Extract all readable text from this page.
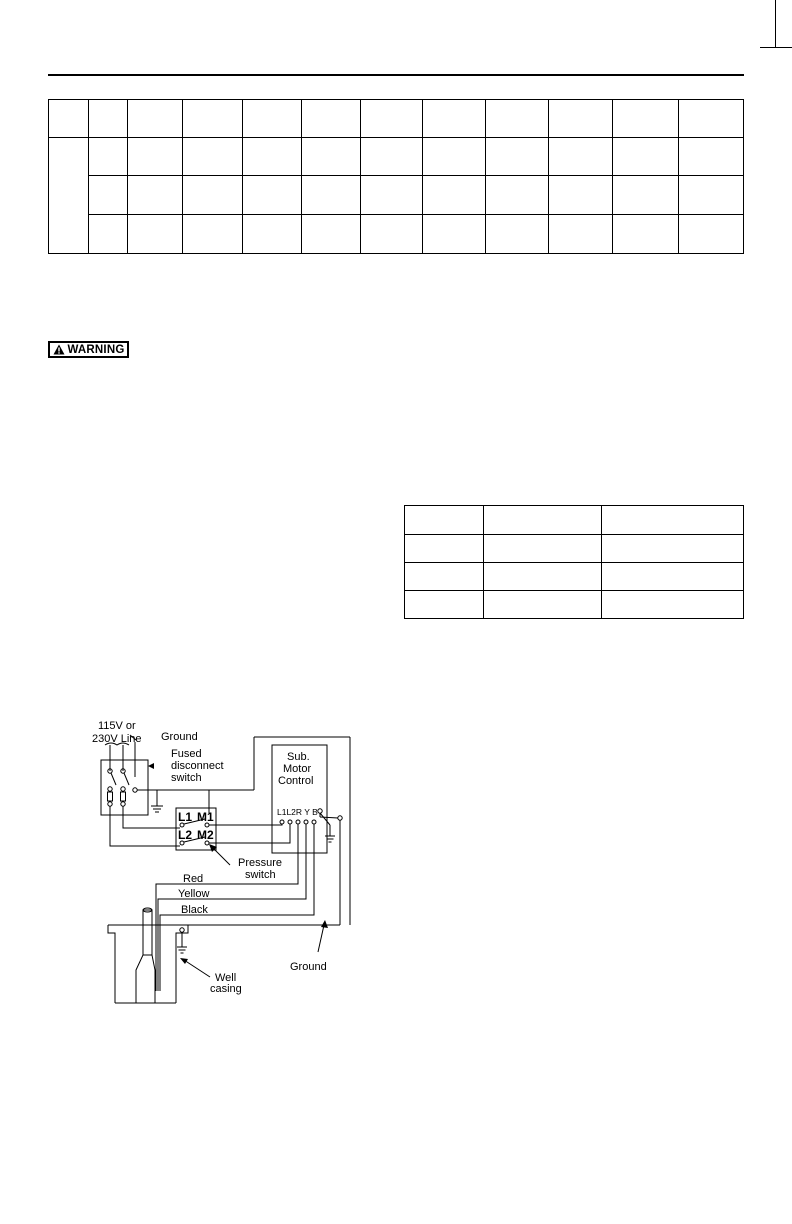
WARNING

115V or
230V Line Ground
Fused
disconnect
switch
Sub.
Motor
Control
L1L2R Y B
L1 M1
L2 M2
Pressure
switch
Red
Yellow
Black
Well
casing
Ground
